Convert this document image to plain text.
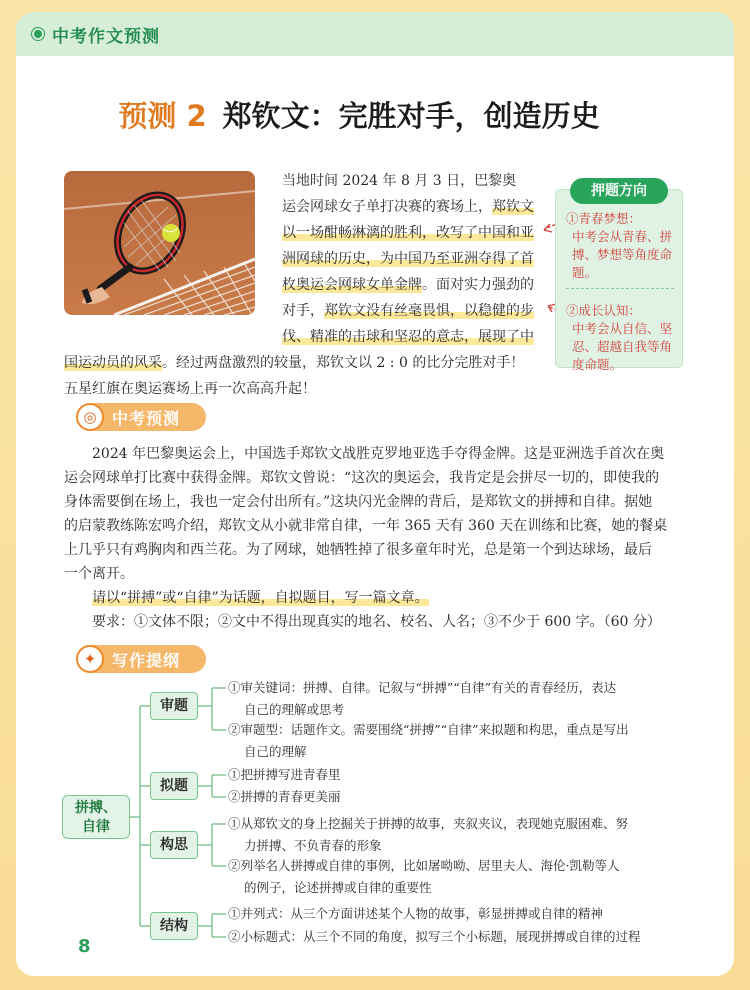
中考作文预测
预测 2 郑钦文：完胜对手，创造历史
当地时间 2024 年 8 月 3 日，巴黎奥
运会网球女子单打决赛的赛场上，郑钦文
以一场酣畅淋漓的胜利，改写了中国和亚
洲网球的历史，为中国乃至亚洲夺得了首
枚奥运会网球女单金牌。面对实力强劲的
对手，郑钦文没有丝毫畏惧，以稳健的步
伐、精准的击球和坚忍的意志，展现了中
国运动员的风采。经过两盘激烈的较量，郑钦文以 2 : 0 的比分完胜对手！
五星红旗在奥运赛场上再一次高高升起！
押题方向
①青春梦想：
中考会从青春、拼搏、梦想等角度命题。
②成长认知：
中考会从自信、坚忍、超越自我等角度命题。
◎ 中考预测
2024 年巴黎奥运会上，中国选手郑钦文战胜克罗地亚选手夺得金牌。这是亚洲选手首次在奥
运会网球单打比赛中获得金牌。郑钦文曾说：“这次的奥运会，我肯定是会拼尽一切的，即使我的
身体需要倒在场上，我也一定会付出所有。”这块闪光金牌的背后，是郑钦文的拼搏和自律。据她
的启蒙教练陈宏鸣介绍，郑钦文从小就非常自律，一年 365 天有 360 天在训练和比赛，她的餐桌
上几乎只有鸡胸肉和西兰花。为了网球，她牺牲掉了很多童年时光，总是第一个到达球场，最后
一个离开。
请以“拼搏”或“自律”为话题，自拟题目，写一篇文章。
要求：①文体不限；②文中不得出现真实的地名、校名、人名；③不少于 600 字。（60 分）
✦ 写作提纲
拼搏、
自律
审题
①审关键词：拼搏、自律。记叙与“拼搏”“自律”有关的青春经历，表达
自己的理解或思考
②审题型：话题作文。需要围绕“拼搏”“自律”来拟题和构思，重点是写出
自己的理解
拟题
①把拼搏写进青春里
②拼搏的青春更美丽
构思
①从郑钦文的身上挖掘关于拼搏的故事，夹叙夹议，表现她克服困难、努
力拼搏、不负青春的形象
②列举名人拼搏或自律的事例，比如屠呦呦、居里夫人、海伦·凯勒等人
的例子，论述拼搏或自律的重要性
结构
①并列式：从三个方面讲述某个人物的故事，彰显拼搏或自律的精神
②小标题式：从三个不同的角度，拟写三个小标题，展现拼搏或自律的过程
8
